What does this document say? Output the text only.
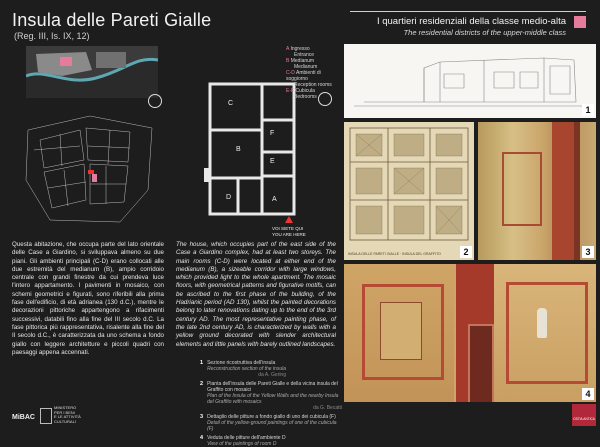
Insula delle Pareti Gialle
(Reg. III, Is. IX, 12)
I quartieri residenziali della classe medio-alta
The residential districts of the upper-middle class
C
B
F
E
D	A
VOI SIETE QUI
YOU ARE HERE
A Ingresso
Entrance
B Medianum
Medianum
C-D Ambienti di soggiorno
Reception rooms
E-F Cubicula
Bedrooms
Questa abitazione, che occupa parte del lato orientale delle Case a Giardino, si sviluppava almeno su due piani. Gli ambienti principali (C-D) erano collocati alle due estremità del medianum (B), ampio corridoio centrale con grandi finestre da cui prendeva luce l'intero appartamento. I pavimenti in mosaico, con schemi geometrici e figurati, sono riferibili alla prima fase dell'edificio, di età adrianea (130 d.C.), mentre le decorazioni pittoriche appartengono a rifacimenti successivi, databili fino alla fine del III secolo d.C. La fase pittorica più rappresentativa, risalente alla fine del II secolo d.C., è caratterizzata da uno schema a fondo giallo con leggere architetture e piccoli quadri con paesaggi appena accennati.
The house, which occupies part of the east side of the Case a Giardino complex, had at least two storeys. The main rooms (C-D) were located at either end of the medianum (B), a sizeable corridor with large windows, which provided light to the whole apartment. The mosaic floors, with geometrical patterns and figurative motifs, can be ascribed to the first phase of the building, of the Hadrianic period (AD 130), whilst the painted decorations belong to later renovations dating up to the end of the 3rd century AD. The most representative painting phase, of the late 2nd century AD, is characterized by walls with a yellow ground decorated with slender architectural elements and little panels with barely outlined landscapes.
1 Sezione ricostruttiva dell'insula
Reconstruction section of the insula
da A. Gering
2 Pianta dell'insula delle Pareti Gialle e della vicina insula del Graffito con mosaici
Plan of the Insula of the Yellow Walls and the nearby Insula del Graffito with mosaics
da G. Becatti
3 Dettaglio delle pitture a fondo giallo di uno dei cubicula (F)
Detail of the yellow-ground paintings of one of the cubicula (F)
4 Veduta delle pitture dell'ambiente D
View of the paintings of room D
1
INSULA DELLE PARETI GIALLE · INSULA DEL GRAFFITO	2	3
4
MiBAC
MINISTERO
PER I BENI
E LE ATTIVITÀ
CULTURALI	OSTIA ANTICA
